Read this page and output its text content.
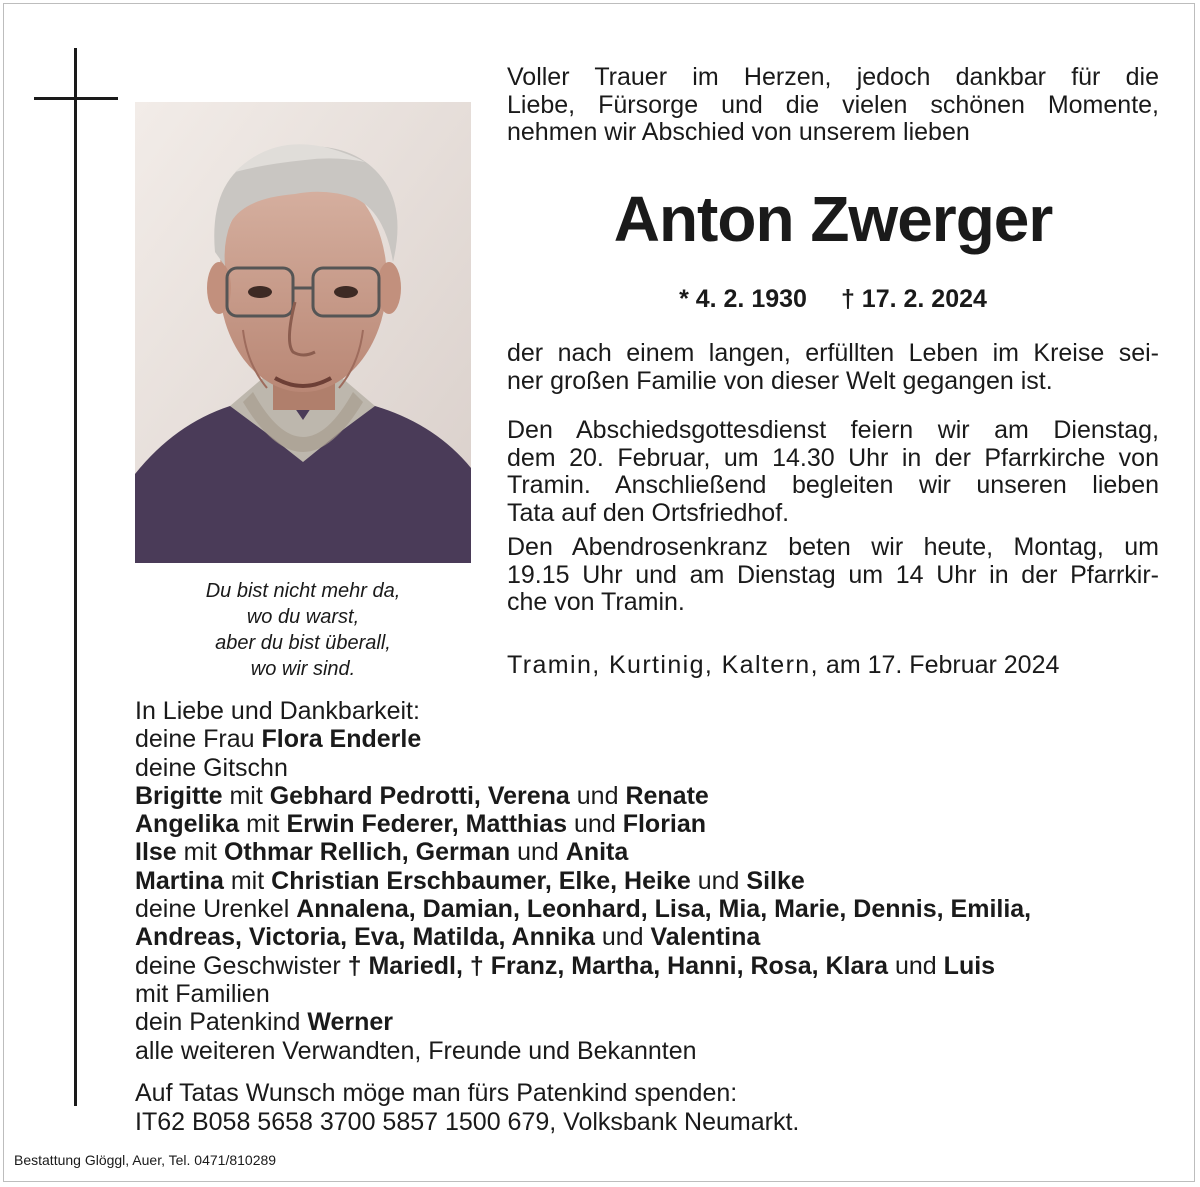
Du bist nicht mehr da,
wo du warst,
aber du bist überall,
wo wir sind.
Voller Trauer im Herzen, jedoch dankbar für die
Liebe, Fürsorge und die vielen schönen Momente,
nehmen wir Abschied von unserem lieben
Anton Zwerger
* 4. 2. 1930 † 17. 2. 2024
der nach einem langen, erfüllten Leben im Kreise sei-
ner großen Familie von dieser Welt gegangen ist.
Den Abschiedsgottesdienst feiern wir am Dienstag,
dem 20. Februar, um 14.30 Uhr in der Pfarrkirche von
Tramin. Anschließend begleiten wir unseren lieben
Tata auf den Ortsfriedhof.
Den Abendrosenkranz beten wir heute, Montag, um
19.15 Uhr und am Dienstag um 14 Uhr in der Pfarrkir-
che von Tramin.
Tramin, Kurtinig, Kaltern, am 17. Februar 2024
In Liebe und Dankbarkeit:
deine Frau Flora Enderle
deine Gitschn
Brigitte mit Gebhard Pedrotti, Verena und Renate
Angelika mit Erwin Federer, Matthias und Florian
Ilse mit Othmar Rellich, German und Anita
Martina mit Christian Erschbaumer, Elke, Heike und Silke
deine Urenkel Annalena, Damian, Leonhard, Lisa, Mia, Marie, Dennis, Emilia,
Andreas, Victoria, Eva, Matilda, Annika und Valentina
deine Geschwister † Mariedl, † Franz, Martha, Hanni, Rosa, Klara und Luis
mit Familien
dein Patenkind Werner
alle weiteren Verwandten, Freunde und Bekannten
Auf Tatas Wunsch möge man fürs Patenkind spenden:
IT62 B058 5658 3700 5857 1500 679, Volksbank Neumarkt.
Bestattung Glöggl, Auer, Tel. 0471/810289
